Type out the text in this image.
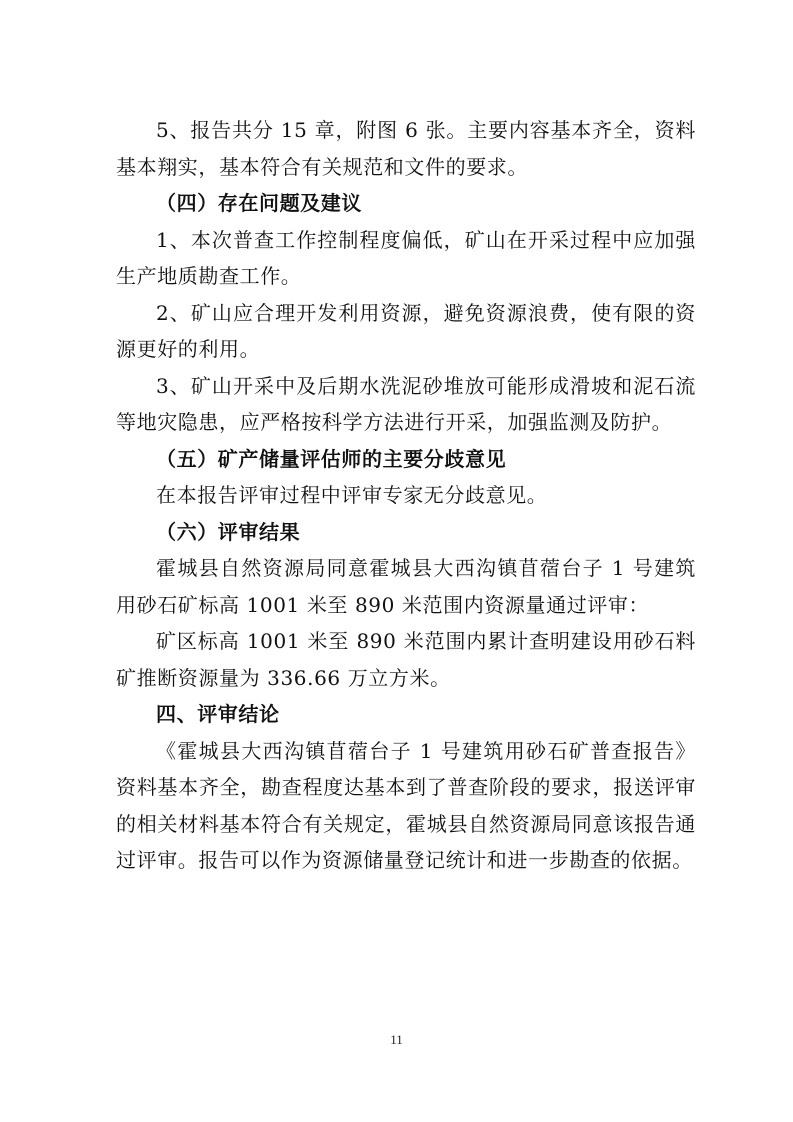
5、报告共分 15 章，附图 6 张。主要内容基本齐全，资料基本翔实，基本符合有关规范和文件的要求。

（四）存在问题及建议

1、本次普查工作控制程度偏低，矿山在开采过程中应加强生产地质勘查工作。

2、矿山应合理开发利用资源，避免资源浪费，使有限的资源更好的利用。

3、矿山开采中及后期水洗泥砂堆放可能形成滑坡和泥石流等地灾隐患，应严格按科学方法进行开采，加强监测及防护。

（五）矿产储量评估师的主要分歧意见

在本报告评审过程中评审专家无分歧意见。

（六）评审结果

霍城县自然资源局同意霍城县大西沟镇苜蓿台子 1 号建筑用砂石矿标高 1001 米至 890 米范围内资源量通过评审：

矿区标高 1001 米至 890 米范围内累计查明建设用砂石料矿推断资源量为 336.66 万立方米。

四、评审结论

《霍城县大西沟镇苜蓿台子 1 号建筑用砂石矿普查报告》资料基本齐全，勘查程度达基本到了普查阶段的要求，报送评审的相关材料基本符合有关规定，霍城县自然资源局同意该报告通过评审。报告可以作为资源储量登记统计和进一步勘查的依据。

11
